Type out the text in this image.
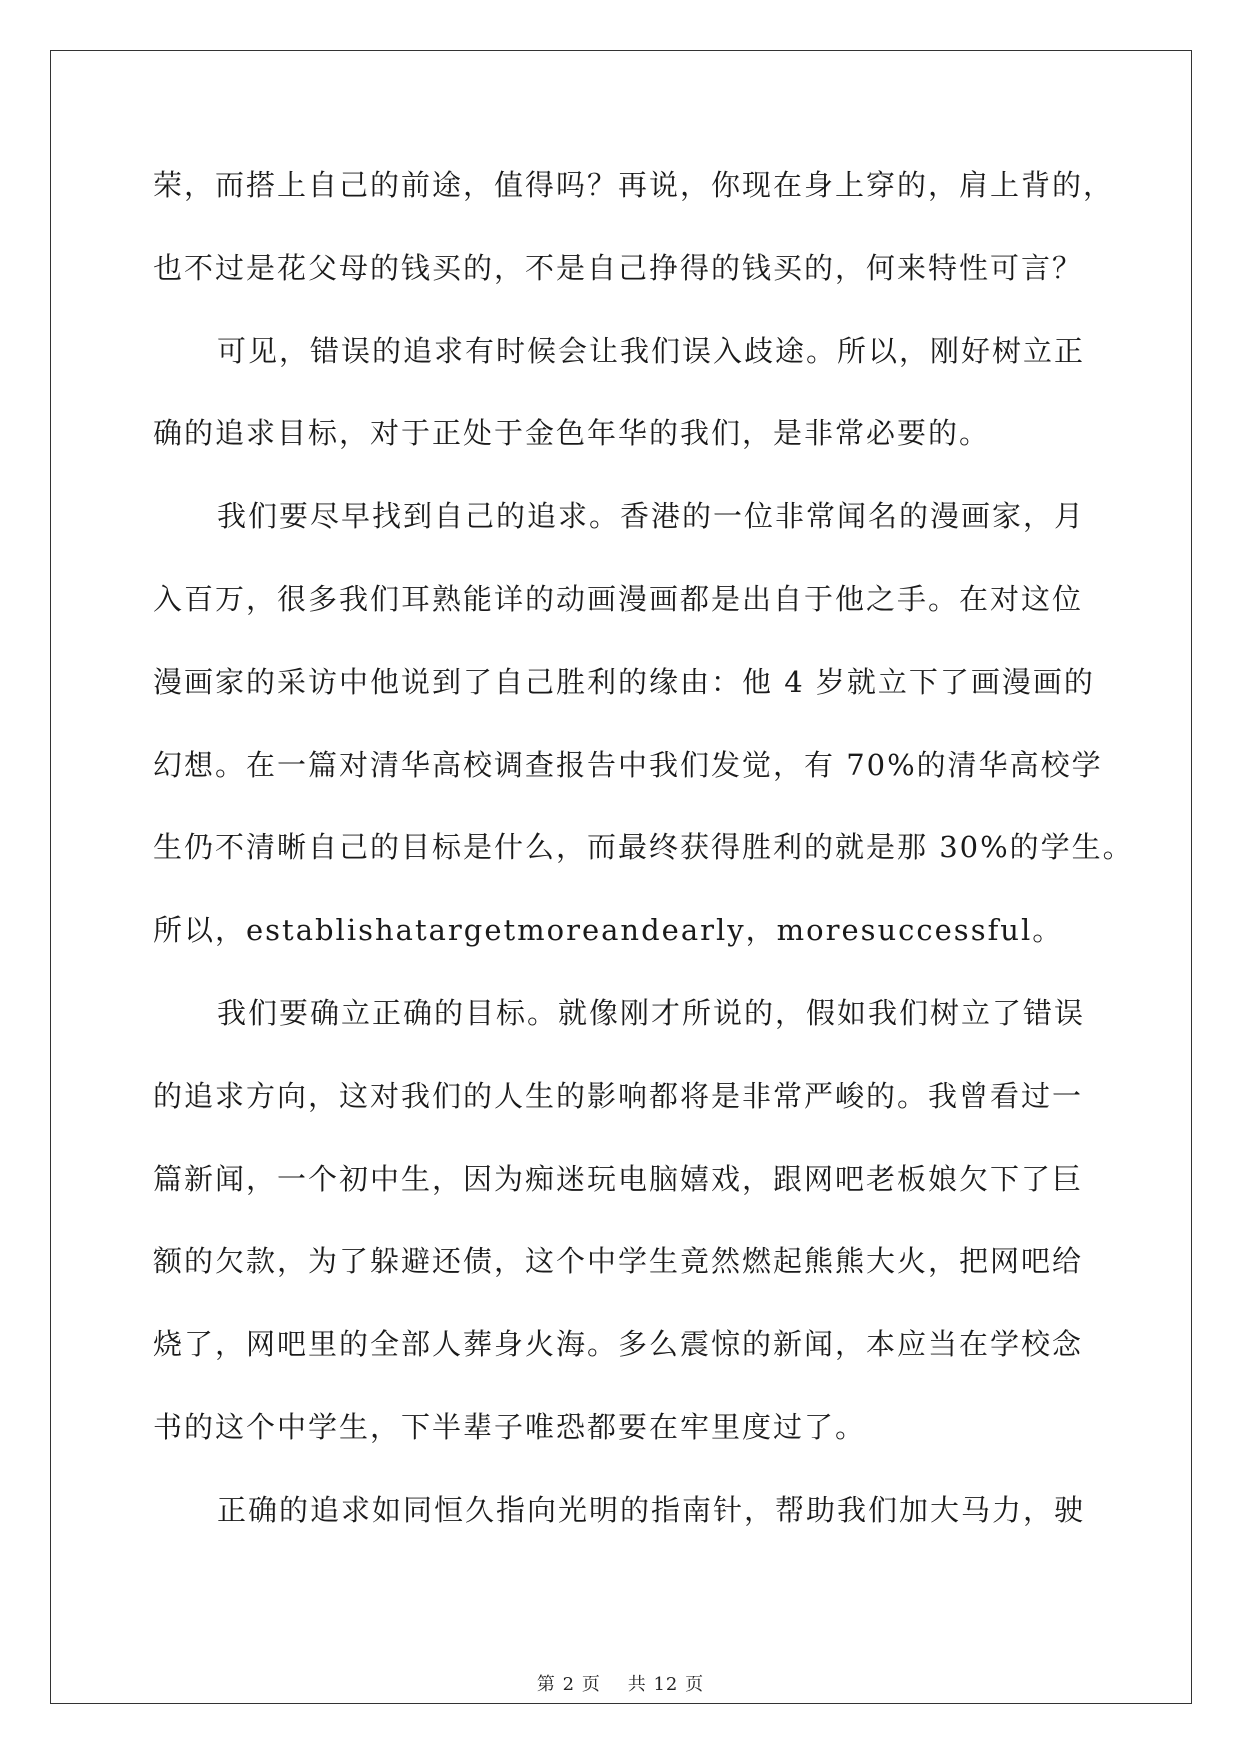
荣，而搭上自己的前途，值得吗？再说，你现在身上穿的，肩上背的，
也不过是花父母的钱买的，不是自己挣得的钱买的，何来特性可言？
可见，错误的追求有时候会让我们误入歧途。所以，刚好树立正
确的追求目标，对于正处于金色年华的我们，是非常必要的。
我们要尽早找到自己的追求。香港的一位非常闻名的漫画家，月
入百万，很多我们耳熟能详的动画漫画都是出自于他之手。在对这位
漫画家的采访中他说到了自己胜利的缘由：他 4 岁就立下了画漫画的
幻想。在一篇对清华高校调查报告中我们发觉，有 70%的清华高校学
生仍不清晰自己的目标是什么，而最终获得胜利的就是那 30%的学生。
所以，establishatargetmoreandearly，moresuccessful。
我们要确立正确的目标。就像刚才所说的，假如我们树立了错误
的追求方向，这对我们的人生的影响都将是非常严峻的。我曾看过一
篇新闻，一个初中生，因为痴迷玩电脑嬉戏，跟网吧老板娘欠下了巨
额的欠款，为了躲避还债，这个中学生竟然燃起熊熊大火，把网吧给
烧了，网吧里的全部人葬身火海。多么震惊的新闻，本应当在学校念
书的这个中学生，下半辈子唯恐都要在牢里度过了。
正确的追求如同恒久指向光明的指南针，帮助我们加大马力，驶
第 2 页 共 12 页
